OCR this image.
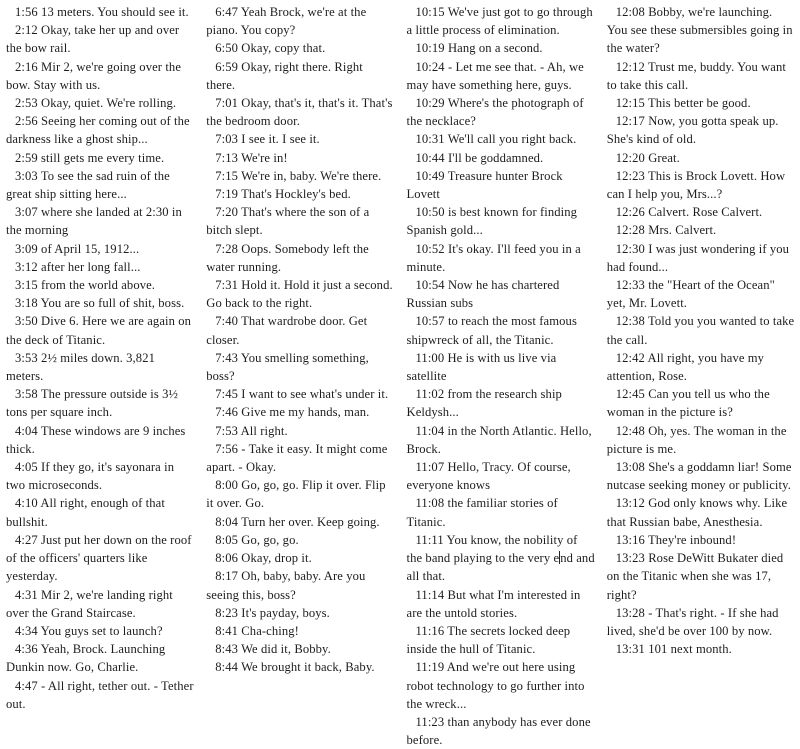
1:56 13 meters. You should see it.
2:12 Okay, take her up and over the bow rail.
2:16 Mir 2, we're going over the bow. Stay with us.
2:53 Okay, quiet. We're rolling.
2:56 Seeing her coming out of the darkness like a ghost ship...
2:59 still gets me every time.
3:03 To see the sad ruin of the great ship sitting here...
3:07 where she landed at 2:30 in the morning
3:09 of April 15, 1912...
3:12 after her long fall...
3:15 from the world above.
3:18 You are so full of shit, boss.
3:50 Dive 6. Here we are again on the deck of Titanic.
3:53 2½ miles down. 3,821 meters.
3:58 The pressure outside is 3½ tons per square inch.
4:04 These windows are 9 inches thick.
4:05 If they go, it's sayonara in two microseconds.
4:10 All right, enough of that bullshit.
4:27 Just put her down on the roof of the officers' quarters like yesterday.
4:31 Mir 2, we're landing right over the Grand Staircase.
4:34 You guys set to launch?
4:36 Yeah, Brock. Launching Dunkin now. Go, Charlie.
4:47 - All right, tether out. - Tether out.
6:47 Yeah Brock, we're at the piano. You copy?
6:50 Okay, copy that.
6:59 Okay, right there. Right there.
7:01 Okay, that's it, that's it. That's the bedroom door.
7:03 I see it. I see it.
7:13 We're in!
7:15 We're in, baby. We're there.
7:19 That's Hockley's bed.
7:20 That's where the son of a bitch slept.
7:28 Oops. Somebody left the water running.
7:31 Hold it. Hold it just a second. Go back to the right.
7:40 That wardrobe door. Get closer.
7:43 You smelling something, boss?
7:45 I want to see what's under it.
7:46 Give me my hands, man.
7:53 All right.
7:56 - Take it easy. It might come apart. - Okay.
8:00 Go, go, go. Flip it over. Flip it over. Go.
8:04 Turn her over. Keep going.
8:05 Go, go, go.
8:06 Okay, drop it.
8:17 Oh, baby, baby. Are you seeing this, boss?
8:23 It's payday, boys.
8:41 Cha-ching!
8:43 We did it, Bobby.
8:44 We brought it back, Baby.
10:15 We've just got to go through a little process of elimination.
10:19 Hang on a second.
10:24 - Let me see that. - Ah, we may have something here, guys.
10:29 Where's the photograph of the necklace?
10:31 We'll call you right back.
10:44 I'll be goddamned.
10:49 Treasure hunter Brock Lovett
10:50 is best known for finding Spanish gold...
10:52 It's okay. I'll feed you in a minute.
10:54 Now he has chartered Russian subs
10:57 to reach the most famous shipwreck of all, the Titanic.
11:00 He is with us live via satellite
11:02 from the research ship Keldysh...
11:04 in the North Atlantic. Hello, Brock.
11:07 Hello, Tracy. Of course, everyone knows
11:08 the familiar stories of Titanic.
11:11 You know, the nobility of the band playing to the very end and all that.
11:14 But what I'm interested in are the untold stories.
11:16 The secrets locked deep inside the hull of Titanic.
11:19 And we're out here using robot technology to go further into the wreck...
11:23 than anybody has ever done before.
12:08 Bobby, we're launching. You see these submersibles going in the water?
12:12 Trust me, buddy. You want to take this call.
12:15 This better be good.
12:17 Now, you gotta speak up. She's kind of old.
12:20 Great.
12:23 This is Brock Lovett. How can I help you, Mrs...?
12:26 Calvert. Rose Calvert.
12:28 Mrs. Calvert.
12:30 I was just wondering if you had found...
12:33 the "Heart of the Ocean" yet, Mr. Lovett.
12:38 Told you you wanted to take the call.
12:42 All right, you have my attention, Rose.
12:45 Can you tell us who the woman in the picture is?
12:48 Oh, yes. The woman in the picture is me.
13:08 She's a goddamn liar! Some nutcase seeking money or publicity.
13:12 God only knows why. Like that Russian babe, Anesthesia.
13:16 They're inbound!
13:23 Rose DeWitt Bukater died on the Titanic when she was 17, right?
13:28 - That's right. - If she had lived, she'd be over 100 by now.
13:31 101 next month.
